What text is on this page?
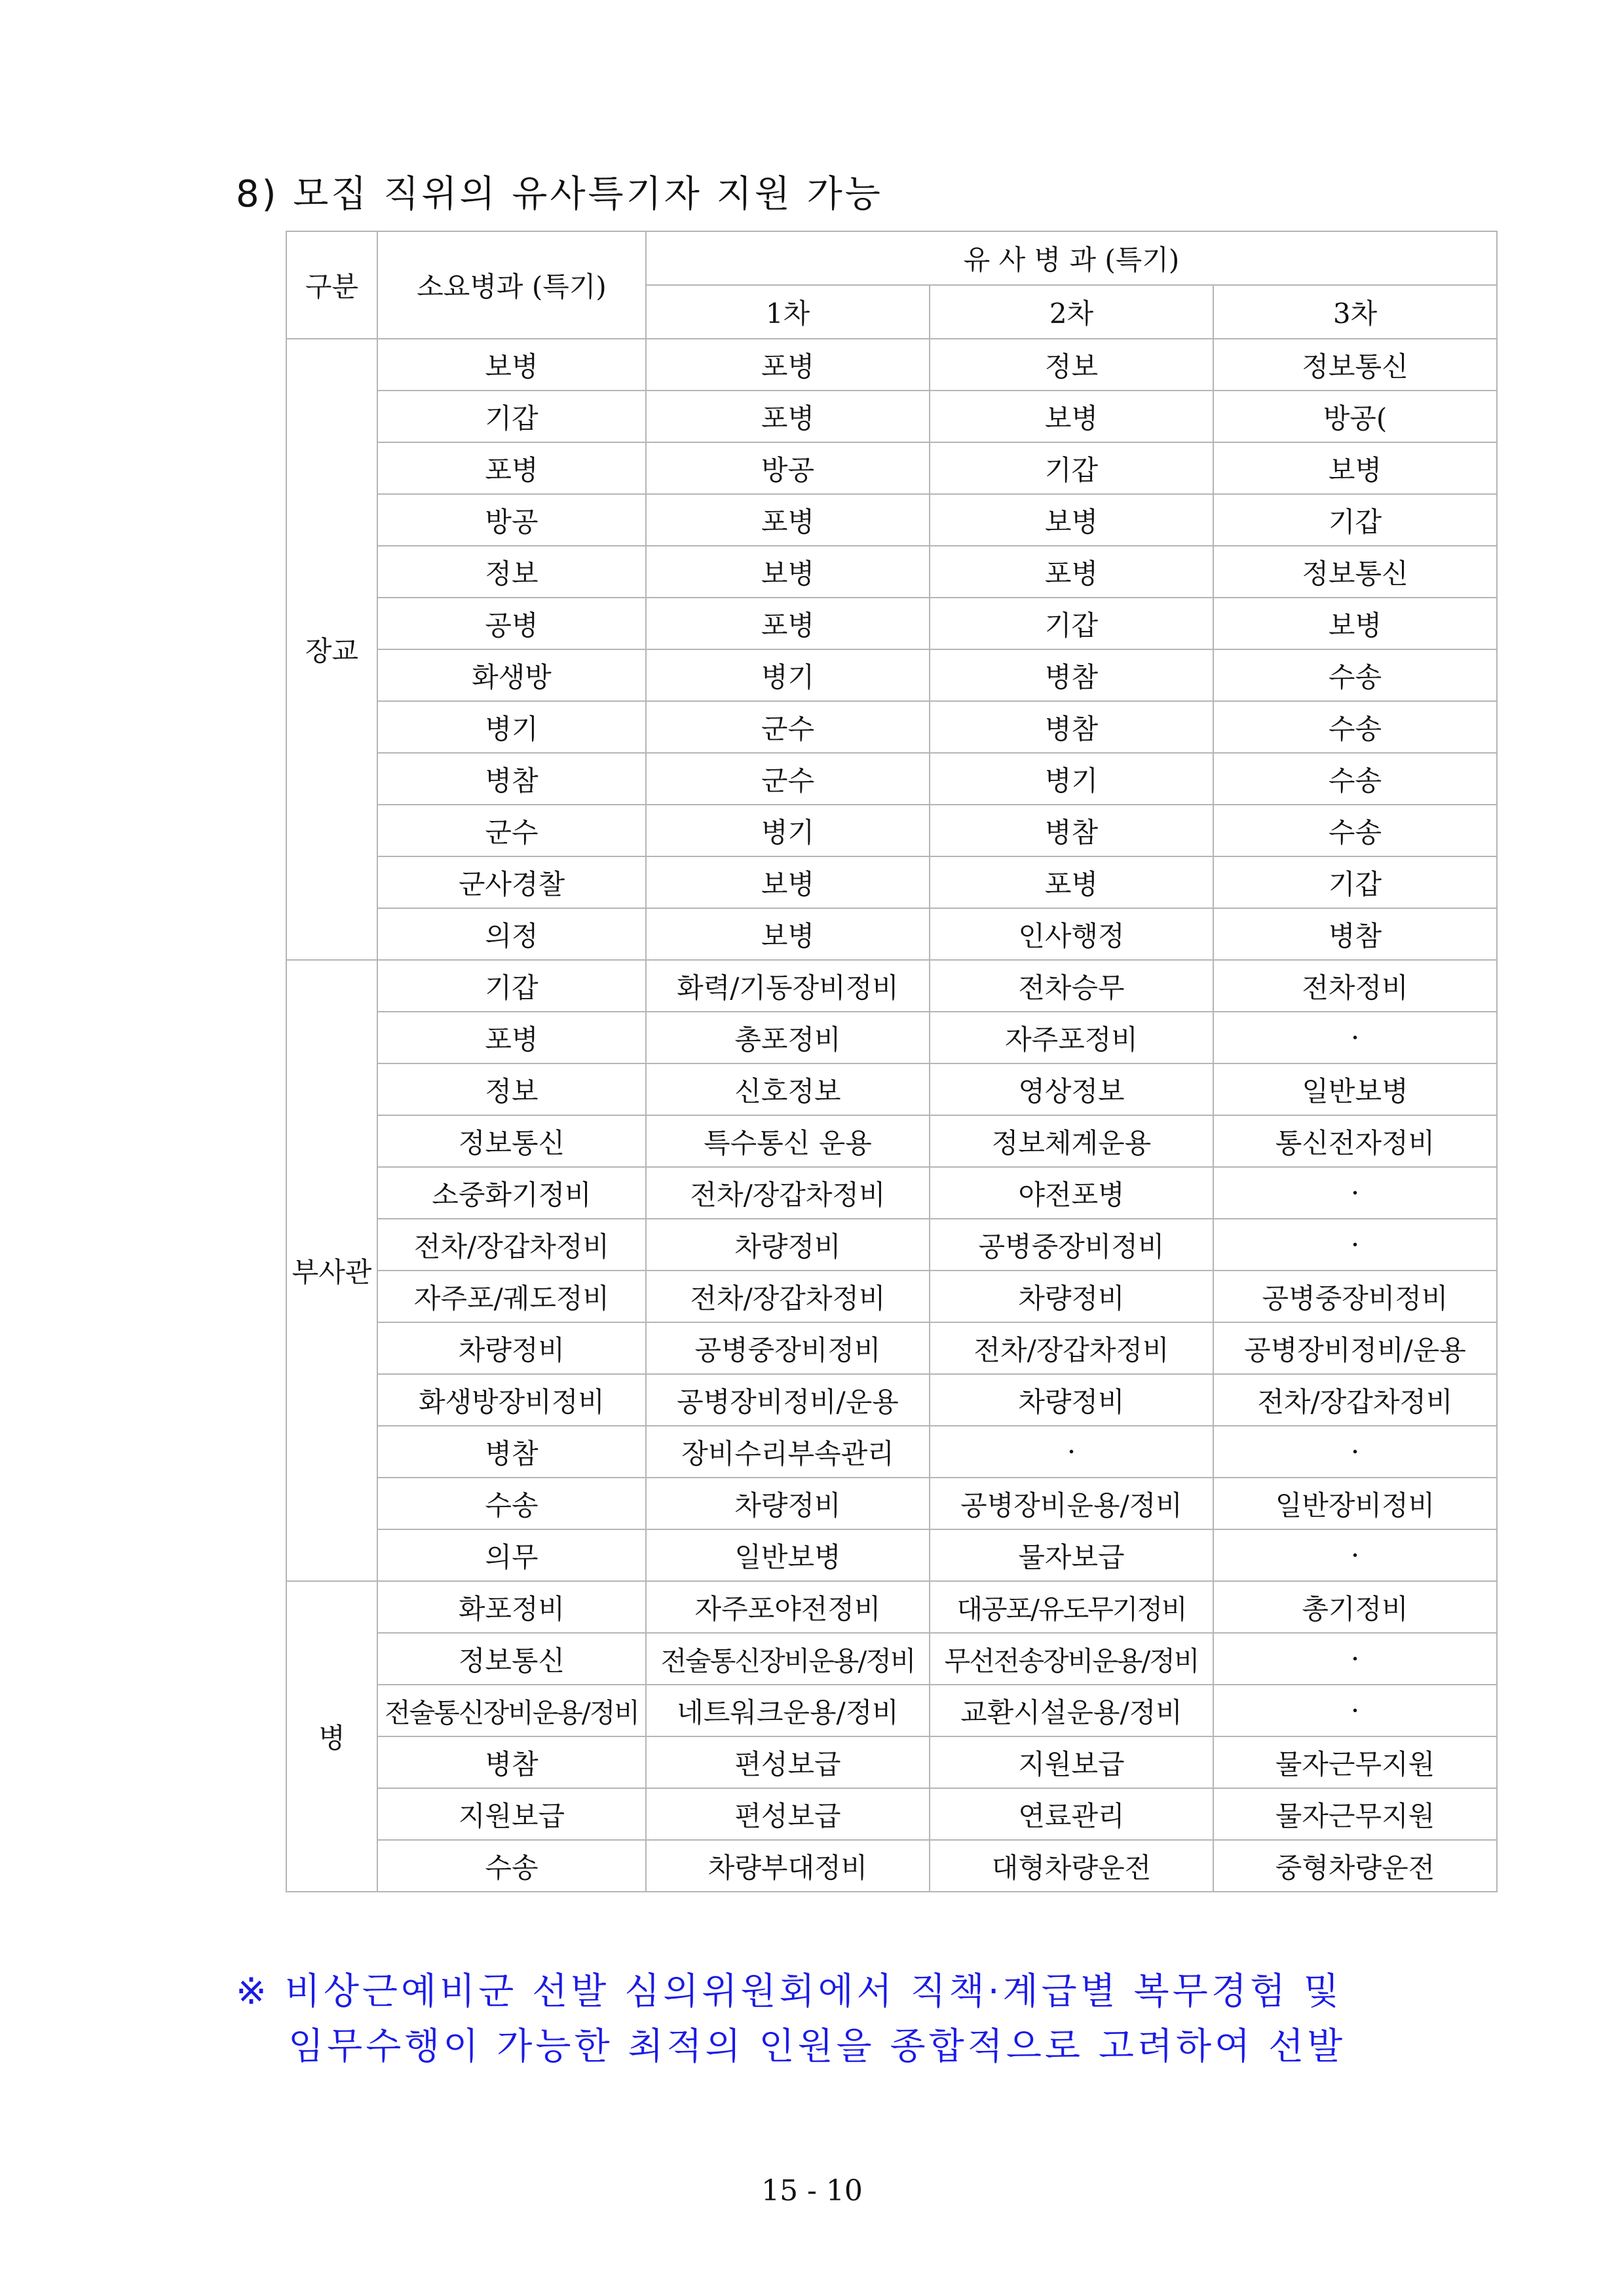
8) 모집 직위의 유사특기자 지원 가능
구분	소요병과 (특기)	유 사 병 과 (특기)		
		1차	2차	3차
장교	보병	포병	정보	정보통신
	기갑	포병	보병	방공(
	포병	방공	기갑	보병
	방공	포병	보병	기갑
	정보	보병	포병	정보통신
	공병	포병	기갑	보병
	화생방	병기	병참	수송
	병기	군수	병참	수송
	병참	군수	병기	수송
	군수	병기	병참	수송
	군사경찰	보병	포병	기갑
	의정	보병	인사행정	병참
부사관	기갑	화력/기동장비정비	전차승무	전차정비
	포병	총포정비	자주포정비	·
	정보	신호정보	영상정보	일반보병
	정보통신	특수통신 운용	정보체계운용	통신전자정비
	소중화기정비	전차/장갑차정비	야전포병	·
	전차/장갑차정비	차량정비	공병중장비정비	·
	자주포/궤도정비	전차/장갑차정비	차량정비	공병중장비정비
	차량정비	공병중장비정비	전차/장갑차정비	공병장비정비/운용
	화생방장비정비	공병장비정비/운용	차량정비	전차/장갑차정비
	병참	장비수리부속관리	·	·
	수송	차량정비	공병장비운용/정비	일반장비정비
	의무	일반보병	물자보급	·
병	화포정비	자주포야전정비	대공포/유도무기정비	총기정비
	정보통신	전술통신장비운용/정비	무선전송장비운용/정비	·
	전술통신장비운용/정비	네트워크운용/정비	교환시설운용/정비	·
	병참	편성보급	지원보급	물자근무지원
	지원보급	편성보급	연료관리	물자근무지원
	수송	차량부대정비	대형차량운전	중형차량운전
※ 비상근예비군 선발 심의위원회에서 직책·계급별 복무경험 및
임무수행이 가능한 최적의 인원을 종합적으로 고려하여 선발
15 - 10
